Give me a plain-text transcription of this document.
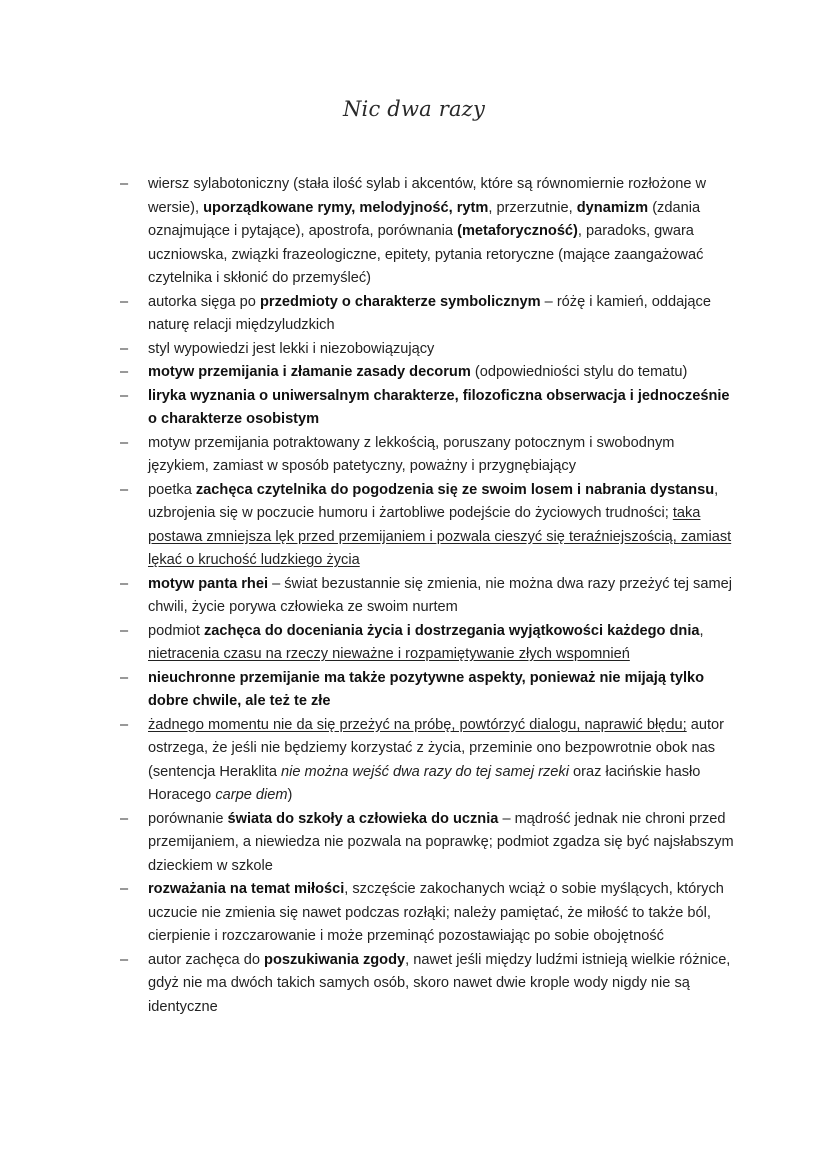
Nic dwa razy
–	wiersz sylabotoniczny (stała ilość sylab i akcentów, które są równomiernie rozłożone w wersie), uporządkowane rymy, melodyjność, rytm, przerzutnie, dynamizm (zdania oznajmujące i pytające), apostrofa, porównania (metaforyczność), paradoks, gwara uczniowska, związki frazeologiczne, epitety, pytania retoryczne (mające zaangażować czytelnika i skłonić do przemyśleć)
–	autorka sięga po przedmioty o charakterze symbolicznym – różę i kamień, oddające naturę relacji międzyludzkich
–	styl wypowiedzi jest lekki i niezobowiązujący
–	motyw przemijania i złamanie zasady decorum (odpowiedniości stylu do tematu)
–	liryka wyznania o uniwersalnym charakterze, filozoficzna obserwacja i jednocześnie o charakterze osobistym
–	motyw przemijania potraktowany z lekkością, poruszany potocznym i swobodnym językiem, zamiast w sposób patetyczny, poważny i przygnębiający
–	poetka zachęca czytelnika do pogodzenia się ze swoim losem i nabrania dystansu, uzbrojenia się w poczucie humoru i żartobliwe podejście do życiowych trudności; taka postawa zmniejsza lęk przed przemijaniem i pozwala cieszyć się teraźniejszością, zamiast lękać o kruchość ludzkiego życia
–	motyw panta rhei – świat bezustannie się zmienia, nie można dwa razy przeżyć tej samej chwili, życie porywa człowieka ze swoim nurtem
–	podmiot zachęca do doceniania życia i dostrzegania wyjątkowości każdego dnia, nietracenia czasu na rzeczy nieważne i rozpamiętywanie złych wspomnień
–	nieuchronne przemijanie ma także pozytywne aspekty, ponieważ nie mijają tylko dobre chwile, ale też te złe
–	żadnego momentu nie da się przeżyć na próbę, powtórzyć dialogu, naprawić błędu; autor ostrzega, że jeśli nie będziemy korzystać z życia, przeminie ono bezpowrotnie obok nas (sentencja Heraklita nie można wejść dwa razy do tej samej rzeki oraz łacińskie hasło Horacego carpe diem)
–	porównanie świata do szkoły a człowieka do ucznia – mądrość jednak nie chroni przed przemijaniem, a niewiedza nie pozwala na poprawkę; podmiot zgadza się być najsłabszym dzieckiem w szkole
–	rozważania na temat miłości, szczęście zakochanych wciąż o sobie myślących, których uczucie nie zmienia się nawet podczas rozłąki; należy pamiętać, że miłość to także ból, cierpienie i rozczarowanie i może przeminąć pozostawiając po sobie obojętność
–	autor zachęca do poszukiwania zgody, nawet jeśli między ludźmi istnieją wielkie różnice, gdyż nie ma dwóch takich samych osób, skoro nawet dwie krople wody nigdy nie są identyczne
